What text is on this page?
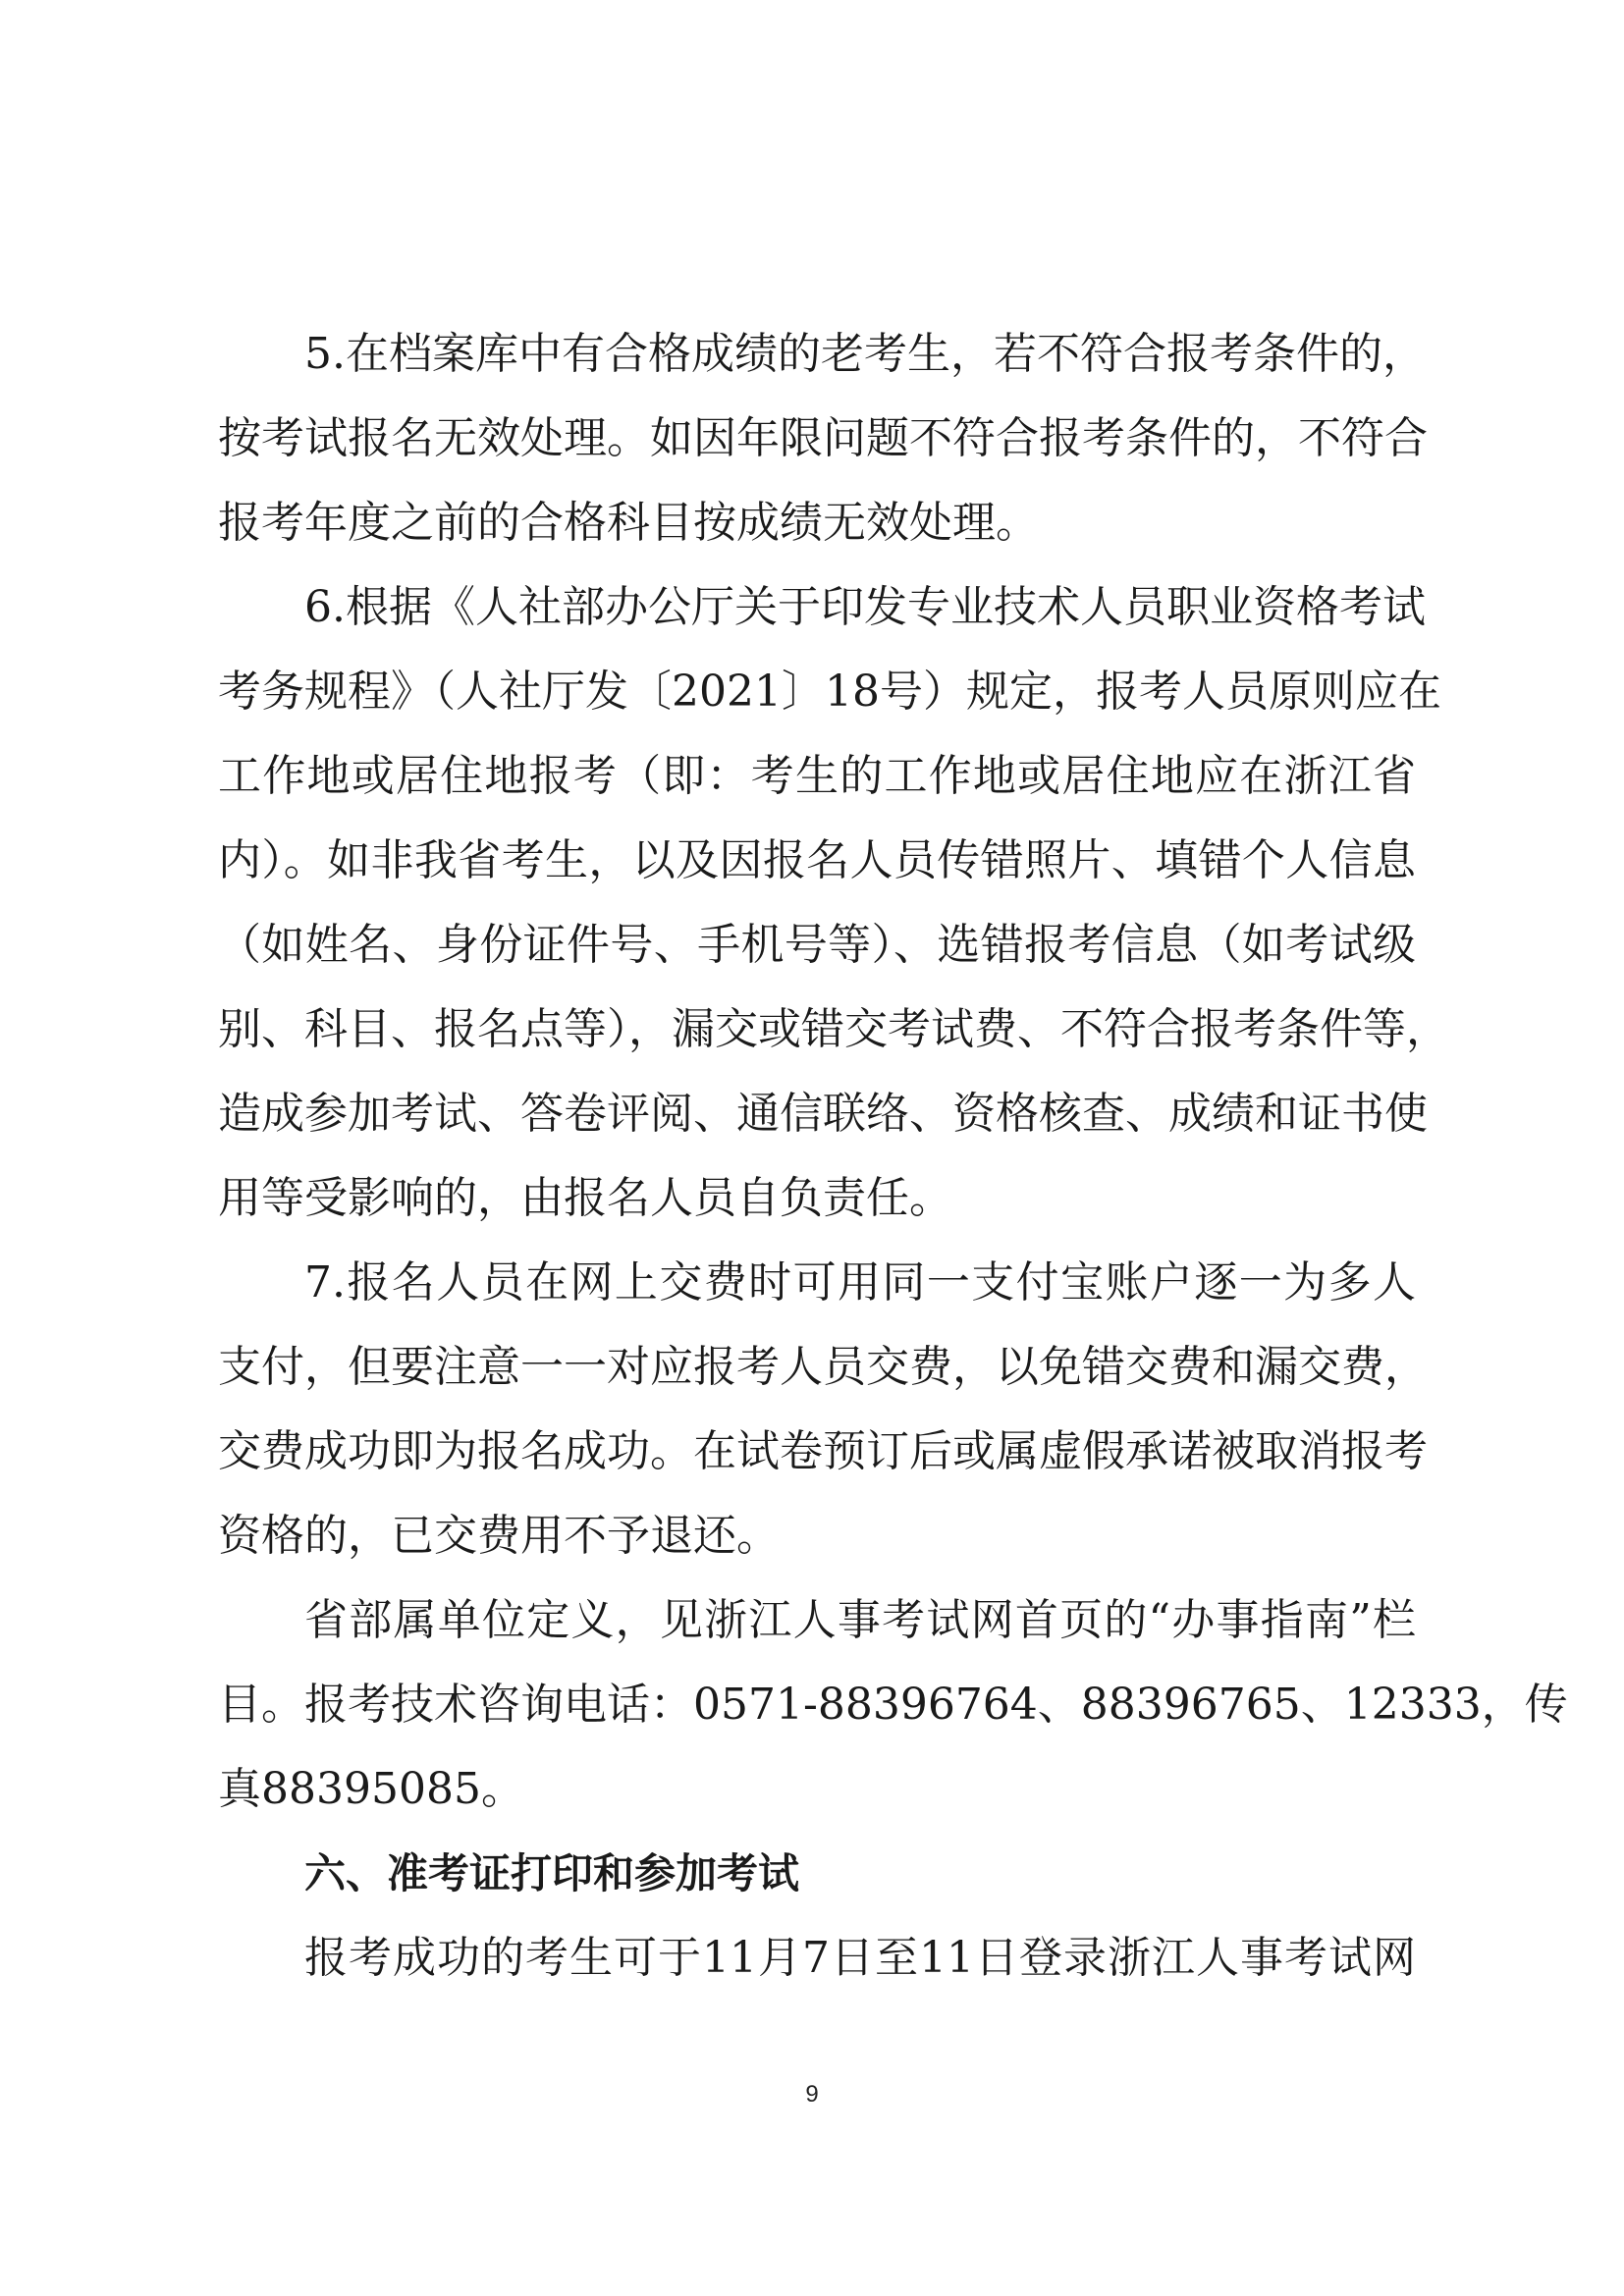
5.在档案库中有合格成绩的老考生，若不符合报考条件的，
按考试报名无效处理。如因年限问题不符合报考条件的，不符合
报考年度之前的合格科目按成绩无效处理。
6.根据《人社部办公厅关于印发专业技术人员职业资格考试
考务规程》（人社厅发〔2021〕18号）规定，报考人员原则应在
工作地或居住地报考（即：考生的工作地或居住地应在浙江省
内）。如非我省考生，以及因报名人员传错照片、填错个人信息
（如姓名、身份证件号、手机号等）、选错报考信息（如考试级
别、科目、报名点等），漏交或错交考试费、不符合报考条件等，
造成参加考试、答卷评阅、通信联络、资格核查、成绩和证书使
用等受影响的，由报名人员自负责任。
7.报名人员在网上交费时可用同一支付宝账户逐一为多人
支付，但要注意一一对应报考人员交费，以免错交费和漏交费，
交费成功即为报名成功。在试卷预订后或属虚假承诺被取消报考
资格的，已交费用不予退还。
省部属单位定义，见浙江人事考试网首页的“办事指南”栏
目。报考技术咨询电话：0571-88396764、88396765、12333，传
真88395085。
六、准考证打印和参加考试
报考成功的考生可于11月7日至11日登录浙江人事考试网
9
